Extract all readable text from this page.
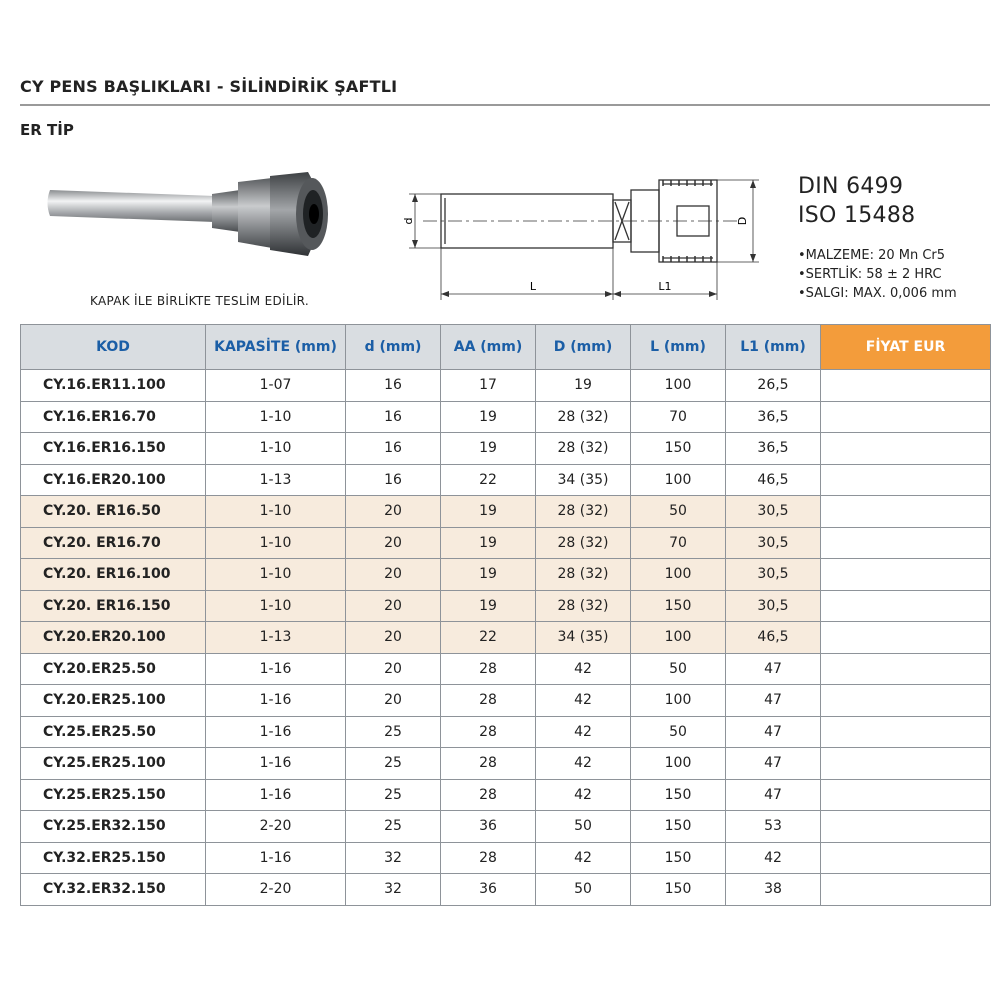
CY PENS BAŞLIKLARI - SİLİNDİRİK ŞAFTLI
ER TİP
KAPAK İLE BİRLİKTE TESLİM EDİLİR.
d	D
L	L1
DIN 6499
ISO 15488
• MALZEME: 20 Mn Cr5
• SERTLİK: 58 ± 2 HRC
• SALGI: MAX. 0,006 mm
KOD	KAPASİTE (mm)	d (mm)	AA (mm)	D (mm)	L (mm)	L1 (mm)	FİYAT EUR
CY.16.ER11.100	1-07	16	17	19	100	26,5	
CY.16.ER16.70	1-10	16	19	28 (32)	70	36,5	
CY.16.ER16.150	1-10	16	19	28 (32)	150	36,5	
CY.16.ER20.100	1-13	16	22	34 (35)	100	46,5	
CY.20. ER16.50	1-10	20	19	28 (32)	50	30,5	
CY.20. ER16.70	1-10	20	19	28 (32)	70	30,5	
CY.20. ER16.100	1-10	20	19	28 (32)	100	30,5	
CY.20. ER16.150	1-10	20	19	28 (32)	150	30,5	
CY.20.ER20.100	1-13	20	22	34 (35)	100	46,5	
CY.20.ER25.50	1-16	20	28	42	50	47	
CY.20.ER25.100	1-16	20	28	42	100	47	
CY.25.ER25.50	1-16	25	28	42	50	47	
CY.25.ER25.100	1-16	25	28	42	100	47	
CY.25.ER25.150	1-16	25	28	42	150	47	
CY.25.ER32.150	2-20	25	36	50	150	53	
CY.32.ER25.150	1-16	32	28	42	150	42	
CY.32.ER32.150	2-20	32	36	50	150	38	
